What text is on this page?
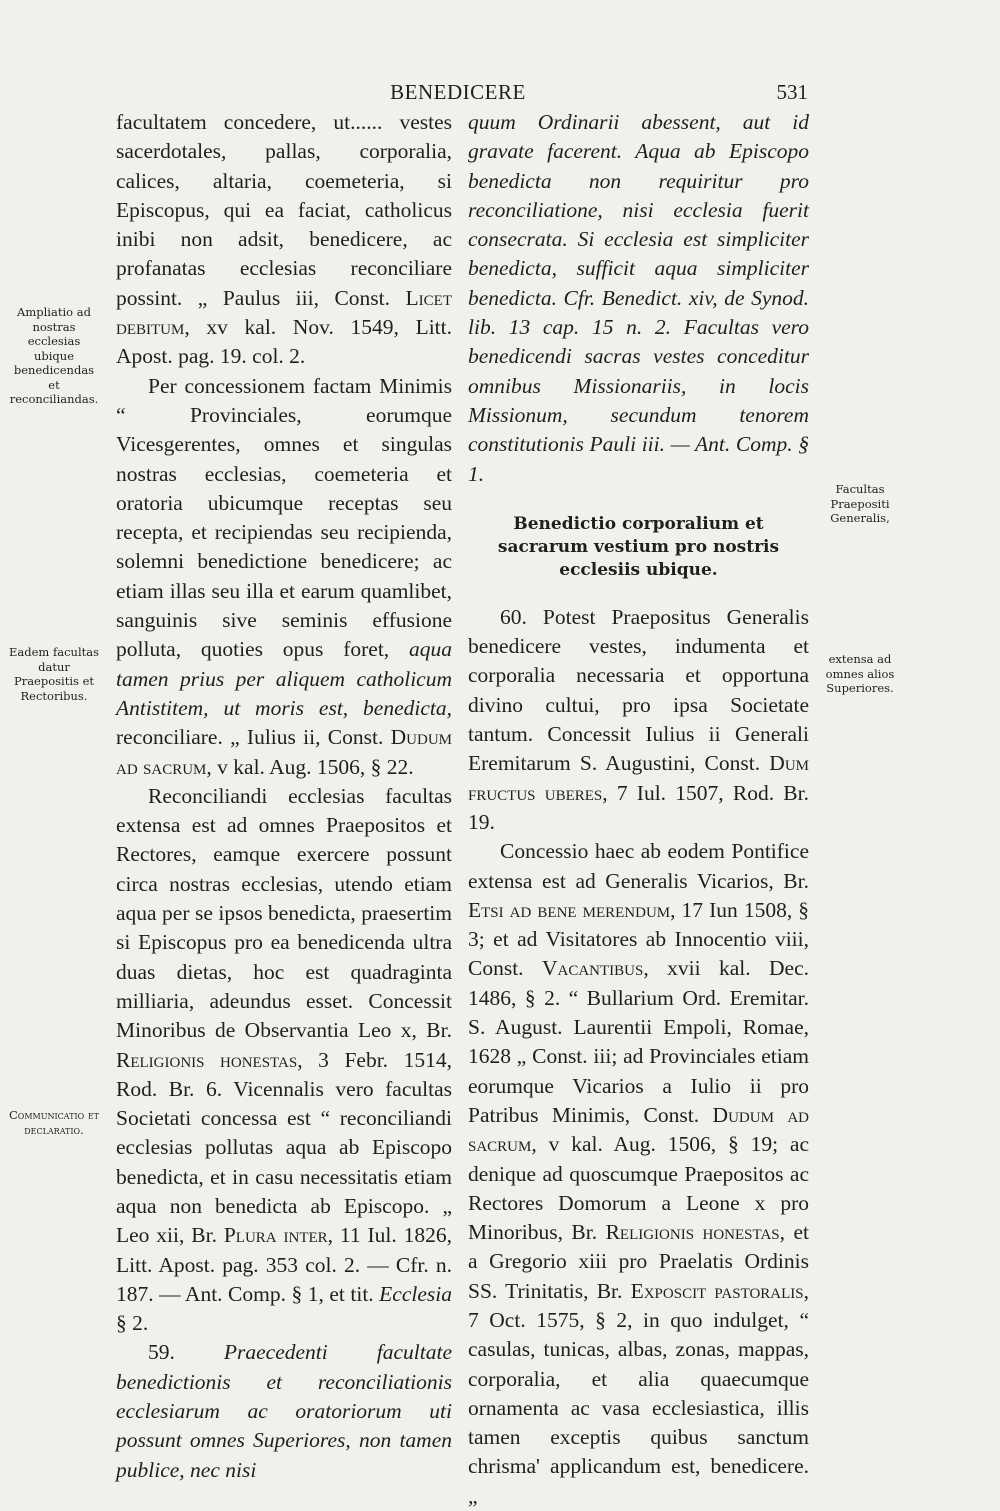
BENEDICERE	531
Ampliatio ad nostras ecclesias ubique benedicendas et reconciliandas.
Eadem facultas datur Praepositis et Rectoribus.
Communicatio et declaratio.
Facultas Praepositi Generalis,
extensa ad omnes alios Superiores.

facultatem concedere, ut...... vestes sacerdotales, pallas, corporalia, calices, altaria, coemeteria, si Episcopus, qui ea faciat, catholicus inibi non adsit, benedicere, ac profanatas ecclesias reconciliare possint. „ Paulus iii, Const. Licet debitum, xv kal. Nov. 1549, Litt. Apost. pag. 19. col. 2.

Per concessionem factam Minimis “ Provinciales, eorumque Vicesgerentes, omnes et singulas nostras ecclesias, coemeteria et oratoria ubicumque receptas seu recepta, et recipiendas seu recipienda, solemni benedictione benedicere; ac etiam illas seu illa et earum quamlibet, sanguinis sive seminis effusione polluta, quoties opus foret, aqua tamen prius per aliquem catholicum Antistitem, ut moris est, benedicta, reconciliare. „ Iulius ii, Const. Dudum ad sacrum, v kal. Aug. 1506, § 22.

Reconciliandi ecclesias facultas extensa est ad omnes Praepositos et Rectores, eamque exercere possunt circa nostras ecclesias, utendo etiam aqua per se ipsos benedicta, praesertim si Episcopus pro ea benedicenda ultra duas dietas, hoc est quadraginta milliaria, adeundus esset. Concessit Minoribus de Observantia Leo x, Br. Religionis honestas, 3 Febr. 1514, Rod. Br. 6. Vicennalis vero facultas Societati concessa est “ reconciliandi ecclesias pollutas aqua ab Episcopo benedicta, et in casu necessitatis etiam aqua non benedicta ab Episcopo. „ Leo xii, Br. Plura inter, 11 Iul. 1826, Litt. Apost. pag. 353 col. 2. — Cfr. n. 187. — Ant. Comp. § 1, et tit. Ecclesia § 2.

59. Praecedenti facultate benedictionis et reconciliationis ecclesiarum ac oratoriorum uti possunt omnes Superiores, non tamen publice, nec nisi

quum Ordinarii abessent, aut id gravate facerent. Aqua ab Episcopo benedicta non requiritur pro reconciliatione, nisi ecclesia fuerit consecrata. Si ecclesia est simpliciter benedicta, sufficit aqua simpliciter benedicta. Cfr. Benedict. xiv, de Synod. lib. 13 cap. 15 n. 2. Facultas vero benedicendi sacras vestes conceditur omnibus Missionariis, in locis Missionum, secundum tenorem constitutionis Pauli iii. — Ant. Comp. § 1.

Benedictio corporalium et sacrarum vestium pro nostris ecclesiis ubique.

60. Potest Praepositus Generalis benedicere vestes, indumenta et corporalia necessaria et opportuna divino cultui, pro ipsa Societate tantum. Concessit Iulius ii Generali Eremitarum S. Augustini, Const. Dum fructus uberes, 7 Iul. 1507, Rod. Br. 19.

Concessio haec ab eodem Pontifice extensa est ad Generalis Vicarios, Br. Etsi ad bene merendum, 17 Iun 1508, § 3; et ad Visitatores ab Innocentio viii, Const. Vacantibus, xvii kal. Dec. 1486, § 2. “ Bullarium Ord. Eremitar. S. August. Laurentii Empoli, Romae, 1628 „ Const. iii; ad Provinciales etiam eorumque Vicarios a Iulio ii pro Patribus Minimis, Const. Dudum ad sacrum, v kal. Aug. 1506, § 19; ac denique ad quoscumque Praepositos ac Rectores Domorum a Leone x pro Minoribus, Br. Religionis honestas, et a Gregorio xiii pro Praelatis Ordinis SS. Trinitatis, Br. Exposcit pastoralis, 7 Oct. 1575, § 2, in quo indulget, “ casulas, tunicas, albas, zonas, mappas, corporalia, et alia quaecumque ornamenta ac vasa ecclesiastica, illis tamen exceptis quibus sanctum chrisma' applicandum est, benedicere. „
